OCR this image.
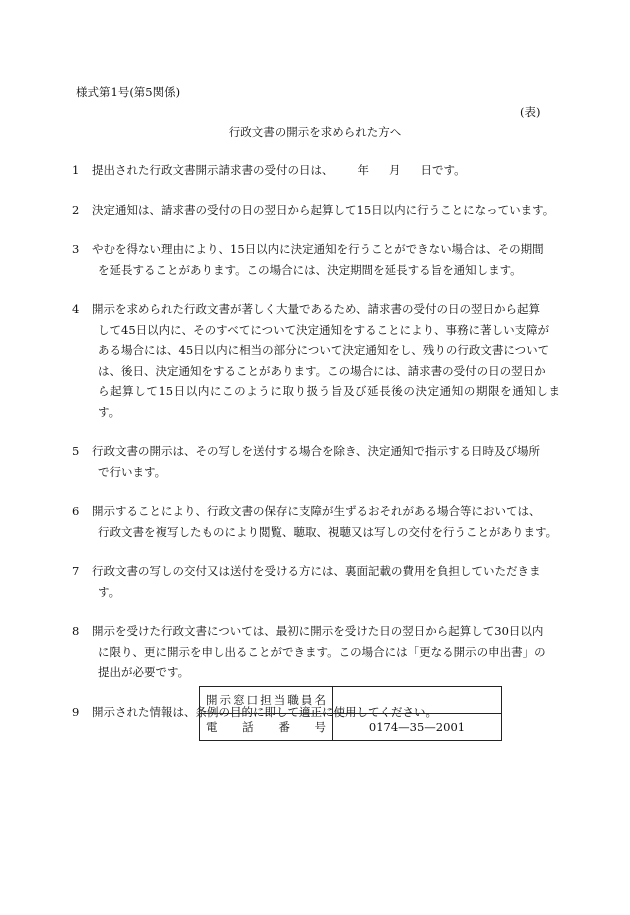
様式第1号(第5関係)
(表)
行政文書の開示を求められた方へ
1	提出された行政文書開示請求書の受付の日は、 年 月 日です。
2	決定通知は、請求書の受付の日の翌日から起算して15日以内に行うことになっています。
3	やむを得ない理由により、15日以内に決定通知を行うことができない場合は、その期間
を延長することがあります。この場合には、決定期間を延長する旨を通知します。
4	開示を求められた行政文書が著しく大量であるため、請求書の受付の日の翌日から起算
して45日以内に、そのすべてについて決定通知をすることにより、事務に著しい支障が
ある場合には、45日以内に相当の部分について決定通知をし、残りの行政文書について
は、後日、決定通知をすることがあります。この場合には、請求書の受付の日の翌日か
ら起算して15日以内にこのように取り扱う旨及び延長後の決定通知の期限を通知します。
5	行政文書の開示は、その写しを送付する場合を除き、決定通知で指示する日時及び場所
で行います。
6	開示することにより、行政文書の保存に支障が生ずるおそれがある場合等においては、
行政文書を複写したものにより閲覧、聴取、視聴又は写しの交付を行うことがあります。
7	行政文書の写しの交付又は送付を受ける方には、裏面記載の費用を負担していただきま
す。
8	開示を受けた行政文書については、最初に開示を受けた日の翌日から起算して30日以内
に限り、更に開示を申し出ることができます。この場合には「更なる開示の申出書」の
提出が必要です。
9	開示された情報は、条例の目的に即して適正に使用してください。
開示窓口担当職員名	
電話番号	0174—35—2001
